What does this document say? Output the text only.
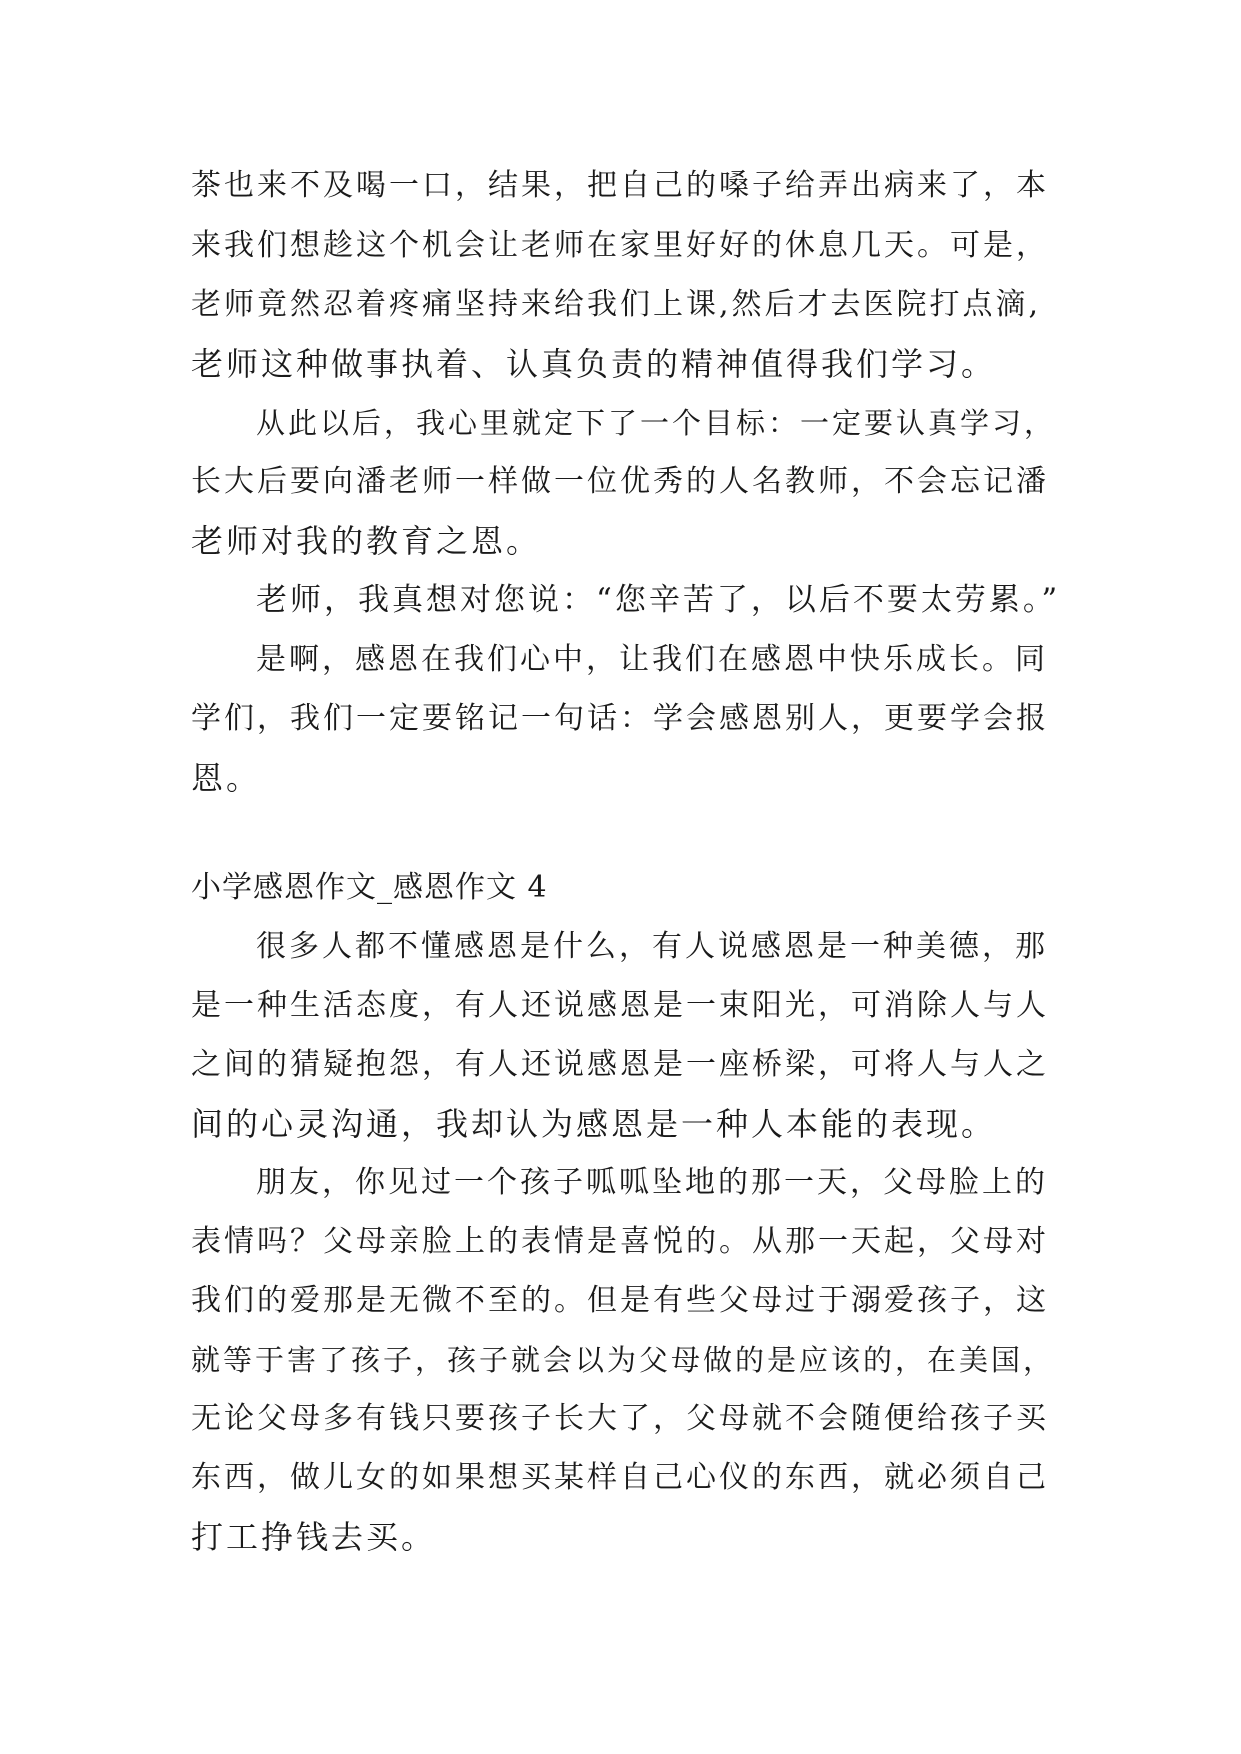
茶也来不及喝一口，结果，把自己的嗓子给弄出病来了，本
来我们想趁这个机会让老师在家里好好的休息几天。可是，
老师竟然忍着疼痛坚持来给我们上课,然后才去医院打点滴,
老师这种做事执着、认真负责的精神值得我们学习。
从此以后，我心里就定下了一个目标：一定要认真学习，
长大后要向潘老师一样做一位优秀的人名教师，不会忘记潘
老师对我的教育之恩。
老师，我真想对您说：“您辛苦了，以后不要太劳累。”
是啊，感恩在我们心中，让我们在感恩中快乐成长。同
学们，我们一定要铭记一句话：学会感恩别人，更要学会报
恩。
小学感恩作文_感恩作文 4
很多人都不懂感恩是什么，有人说感恩是一种美德，那
是一种生活态度，有人还说感恩是一束阳光，可消除人与人
之间的猜疑抱怨，有人还说感恩是一座桥梁，可将人与人之
间的心灵沟通，我却认为感恩是一种人本能的表现。
朋友，你见过一个孩子呱呱坠地的那一天，父母脸上的
表情吗？父母亲脸上的表情是喜悦的。从那一天起，父母对
我们的爱那是无微不至的。但是有些父母过于溺爱孩子，这
就等于害了孩子，孩子就会以为父母做的是应该的，在美国，
无论父母多有钱只要孩子长大了，父母就不会随便给孩子买
东西，做儿女的如果想买某样自己心仪的东西，就必须自己
打工挣钱去买。
